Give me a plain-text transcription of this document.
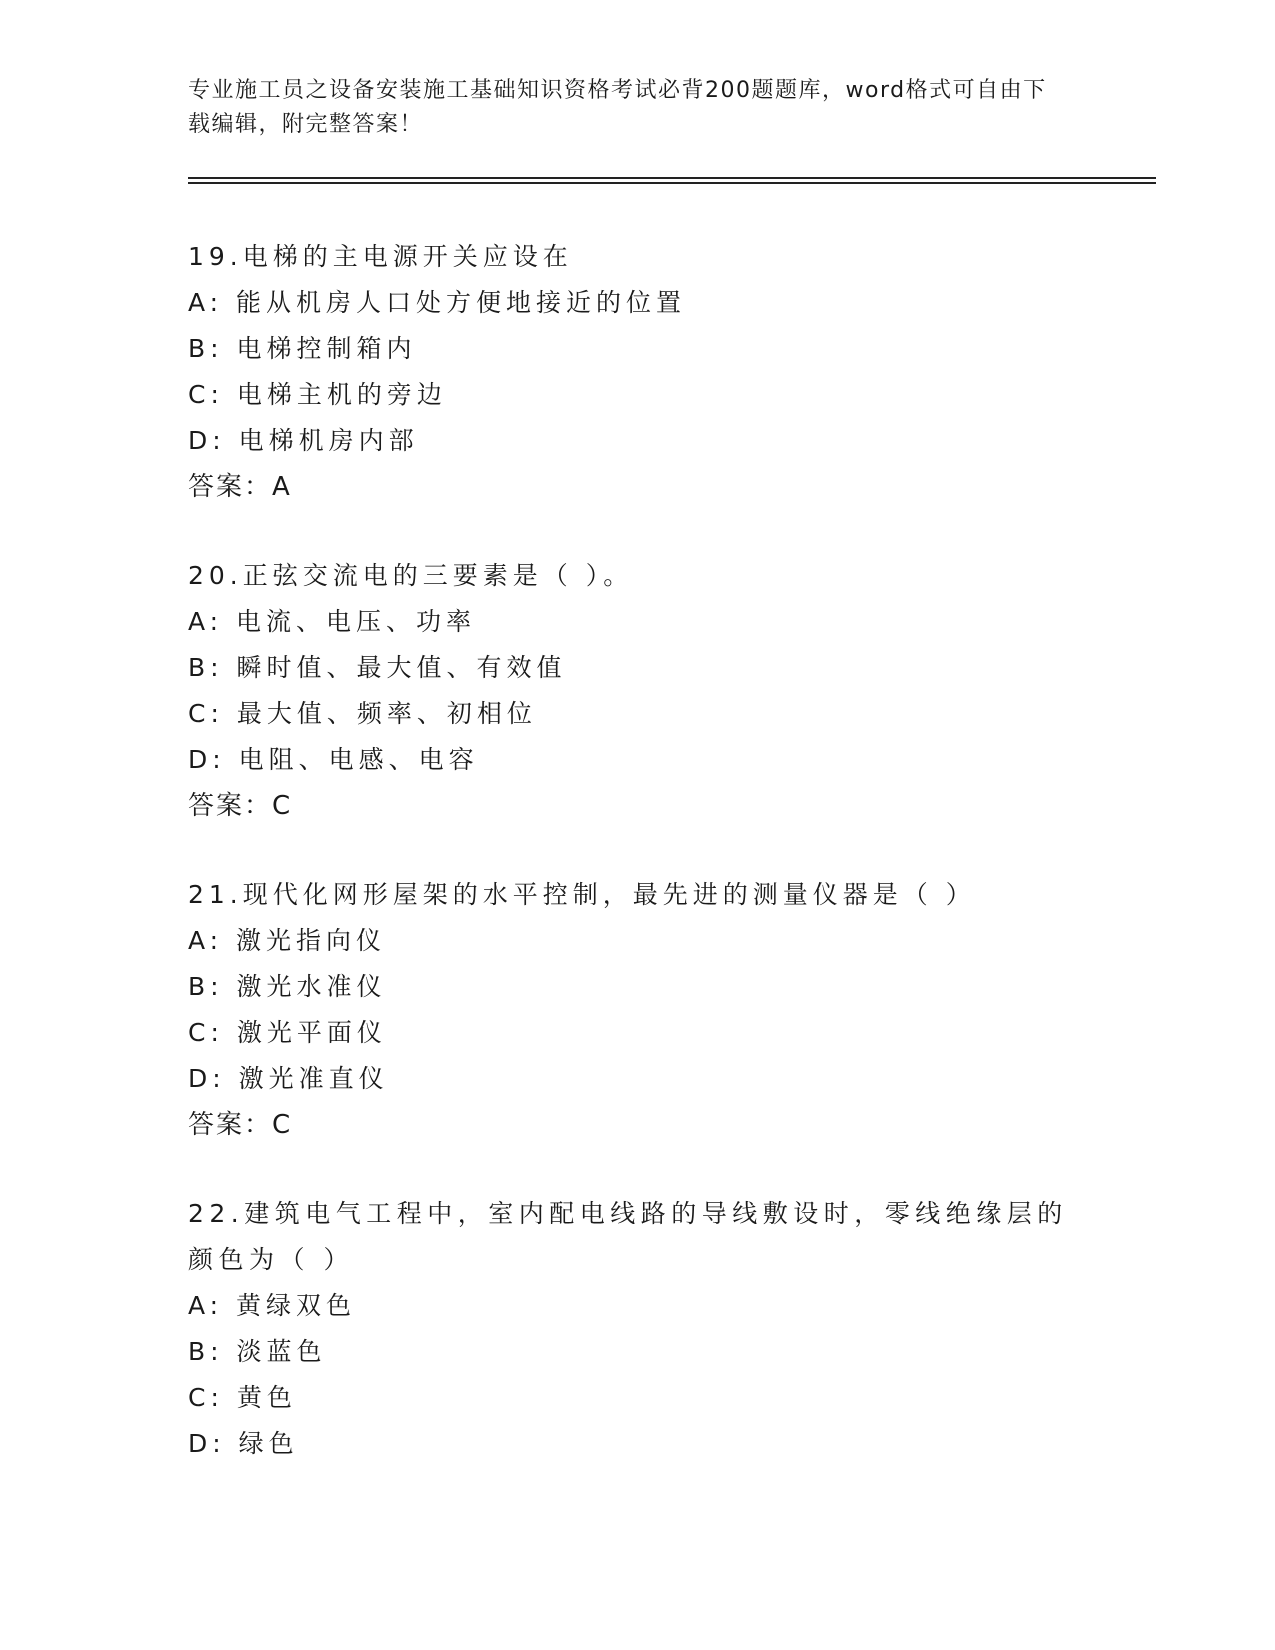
专业施工员之设备安装施工基础知识资格考试必背200题题库，word格式可自由下载编辑，附完整答案！
19.电梯的主电源开关应设在
A: 能从机房人口处方便地接近的位置
B: 电梯控制箱内
C: 电梯主机的旁边
D: 电梯机房内部
答案：A
20.正弦交流电的三要素是（ ）。
A: 电流、电压、功率
B: 瞬时值、最大值、有效值
C: 最大值、频率、初相位
D: 电阻、电感、电容
答案：C
21.现代化网形屋架的水平控制，最先进的测量仪器是（ ）
A: 激光指向仪
B: 激光水准仪
C: 激光平面仪
D: 激光准直仪
答案：C
22.建筑电气工程中，室内配电线路的导线敷设时，零线绝缘层的颜色为（ ）
A: 黄绿双色
B: 淡蓝色
C: 黄色
D: 绿色
